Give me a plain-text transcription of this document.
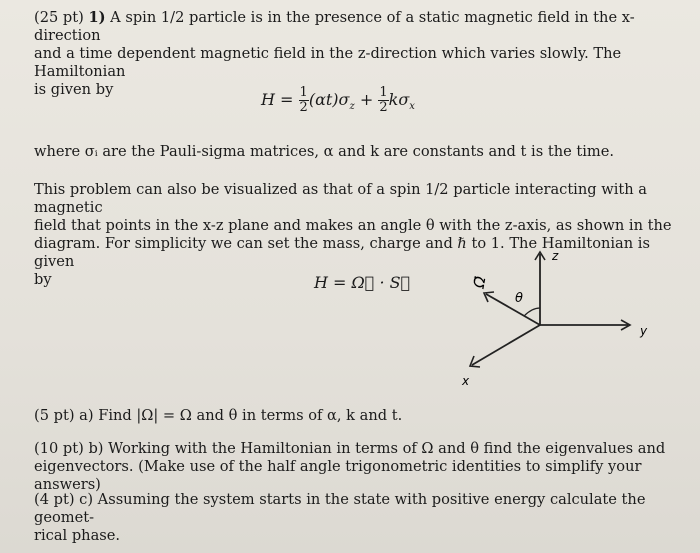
(25 pt) 1) A spin 1/2 particle is in the presence of a static magnetic field in the x-direction

and a time dependent magnetic field in the z-direction which varies slowly. The Hamiltonian

is given by

$H = \frac{1}{2} (\alpha t)\sigma_z + \frac{1}{2} k\sigma_x$

where σᵢ are the Pauli-sigma matrices, α and k are constants and t is the time.

This problem can also be visualized as that of a spin 1/2 particle interacting with a magnetic

field that points in the x-z plane and makes an angle θ with the z-axis, as shown in the

diagram. For simplicity we can set the mass, charge and ℏ to 1. The Hamiltonian is given

by	H = Ω⃗ · S⃗
z
y
x
Ω⃗
θ

(5 pt) a) Find |Ω| = Ω and θ in terms of α, k and t.

(10 pt) b) Working with the Hamiltonian in terms of Ω and θ find the eigenvalues and

eigenvectors. (Make use of the half angle trigonometric identities to simplify your answers)

(4 pt) c) Assuming the system starts in the state with positive energy calculate the geomet-

rical phase.
